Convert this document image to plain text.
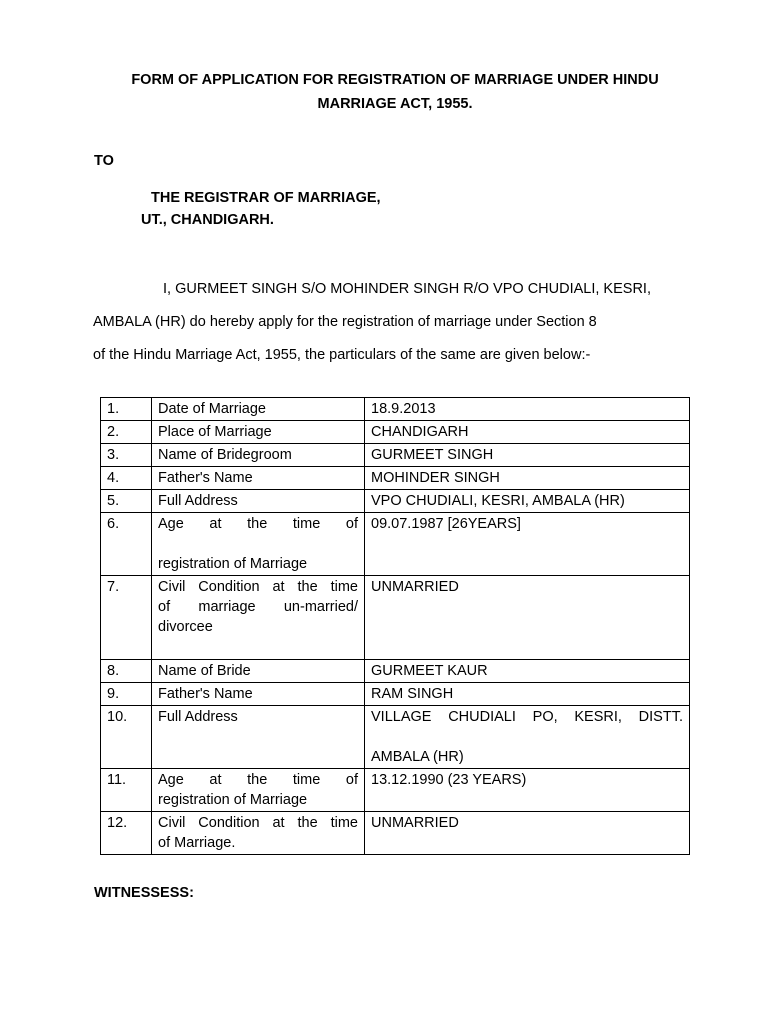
FORM OF APPLICATION FOR REGISTRATION OF MARRIAGE UNDER HINDU
MARRIAGE ACT, 1955.
TO
THE REGISTRAR OF MARRIAGE,
UT., CHANDIGARH.
I, GURMEET SINGH S/O MOHINDER SINGH R/O VPO CHUDIALI, KESRI,
AMBALA (HR) do hereby apply for the registration of marriage under Section 8
of the Hindu Marriage Act, 1955, the particulars of the same are given below:-
1.	Date of Marriage	18.9.2013
2.	Place of Marriage	CHANDIGARH
3.	Name of Bridegroom	GURMEET SINGH
4.	Father's Name	MOHINDER SINGH
5.	Full Address	VPO CHUDIALI, KESRI, AMBALA (HR)
6.	Age at the time of
registration of Marriage	09.07.1987 [26YEARS]
7.	Civil Condition at the time
of marriage un-married/
divorcee	UNMARRIED
8.	Name of Bride	GURMEET KAUR
9.	Father's Name	RAM SINGH
10.	Full Address	VILLAGE CHUDIALI PO, KESRI, DISTT.
AMBALA (HR)

11.	Age at the time of
registration of Marriage	13.12.1990 (23 YEARS)
12.	Civil Condition at the time
of Marriage.	UNMARRIED
WITNESSESS:
